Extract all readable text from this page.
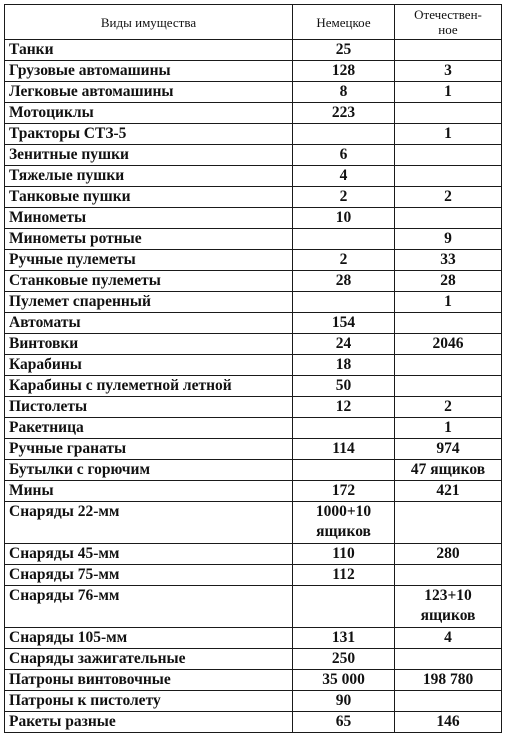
Виды имущества	Немецкое	Отечествен-
ное

Танки	25	

Грузовые автомашины	128	3

Легковые автомашины	8	1

Мотоциклы	223	

Тракторы СТЗ-5		1

Зенитные пушки	6	

Тяжелые пушки	4	

Танковые пушки	2	2

Минометы	10	

Минометы ротные		9

Ручные пулеметы	2	33

Станковые пулеметы	28	28

Пулемет спаренный		1

Автоматы	154	

Винтовки	24	2046

Карабины	18	

Карабины с пулеметной летной	50	

Пистолеты	12	2

Ракетница		1

Ручные гранаты	114	974

Бутылки с горючим		47 ящиков

Мины	172	421

Снаряды 22-мм	1000+10
ящиков	

Снаряды 45-мм	110	280

Снаряды 75-мм	112	

Снаряды 76-мм		123+10
ящиков

Снаряды 105-мм	131	4

Снаряды зажигательные	250	

Патроны винтовочные	35 000	198 780

Патроны к пистолету	90	

Ракеты разные	65	146
